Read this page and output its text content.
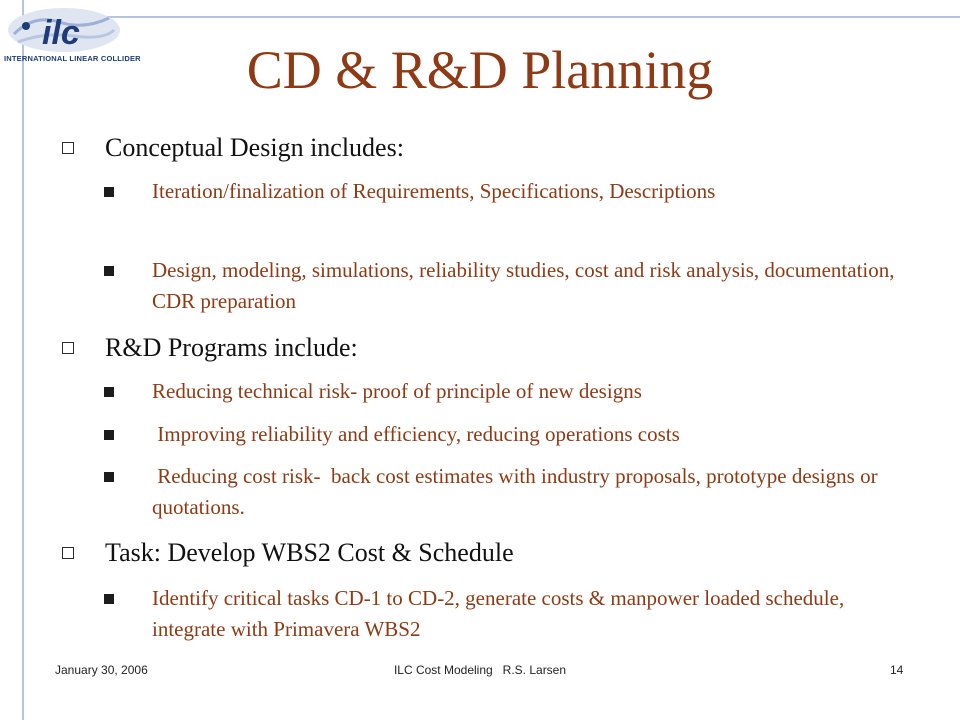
ilc
INTERNATIONAL LINEAR COLLIDER	CD & R&D Planning
Conceptual Design includes:
Iteration/finalization of Requirements, Specifications, Descriptions
Design, modeling, simulations, reliability studies, cost and risk analysis, documentation, CDR preparation
R&D Programs include:
Reducing technical risk- proof of principle of new designs
Improving reliability and efficiency, reducing operations costs
Reducing cost risk-  back cost estimates with industry proposals, prototype designs or quotations.
Task: Develop WBS2 Cost & Schedule
Identify critical tasks CD-1 to CD-2, generate costs & manpower loaded schedule, integrate with Primavera WBS2
January 30, 2006	ILC Cost Modeling   R.S. Larsen	14
